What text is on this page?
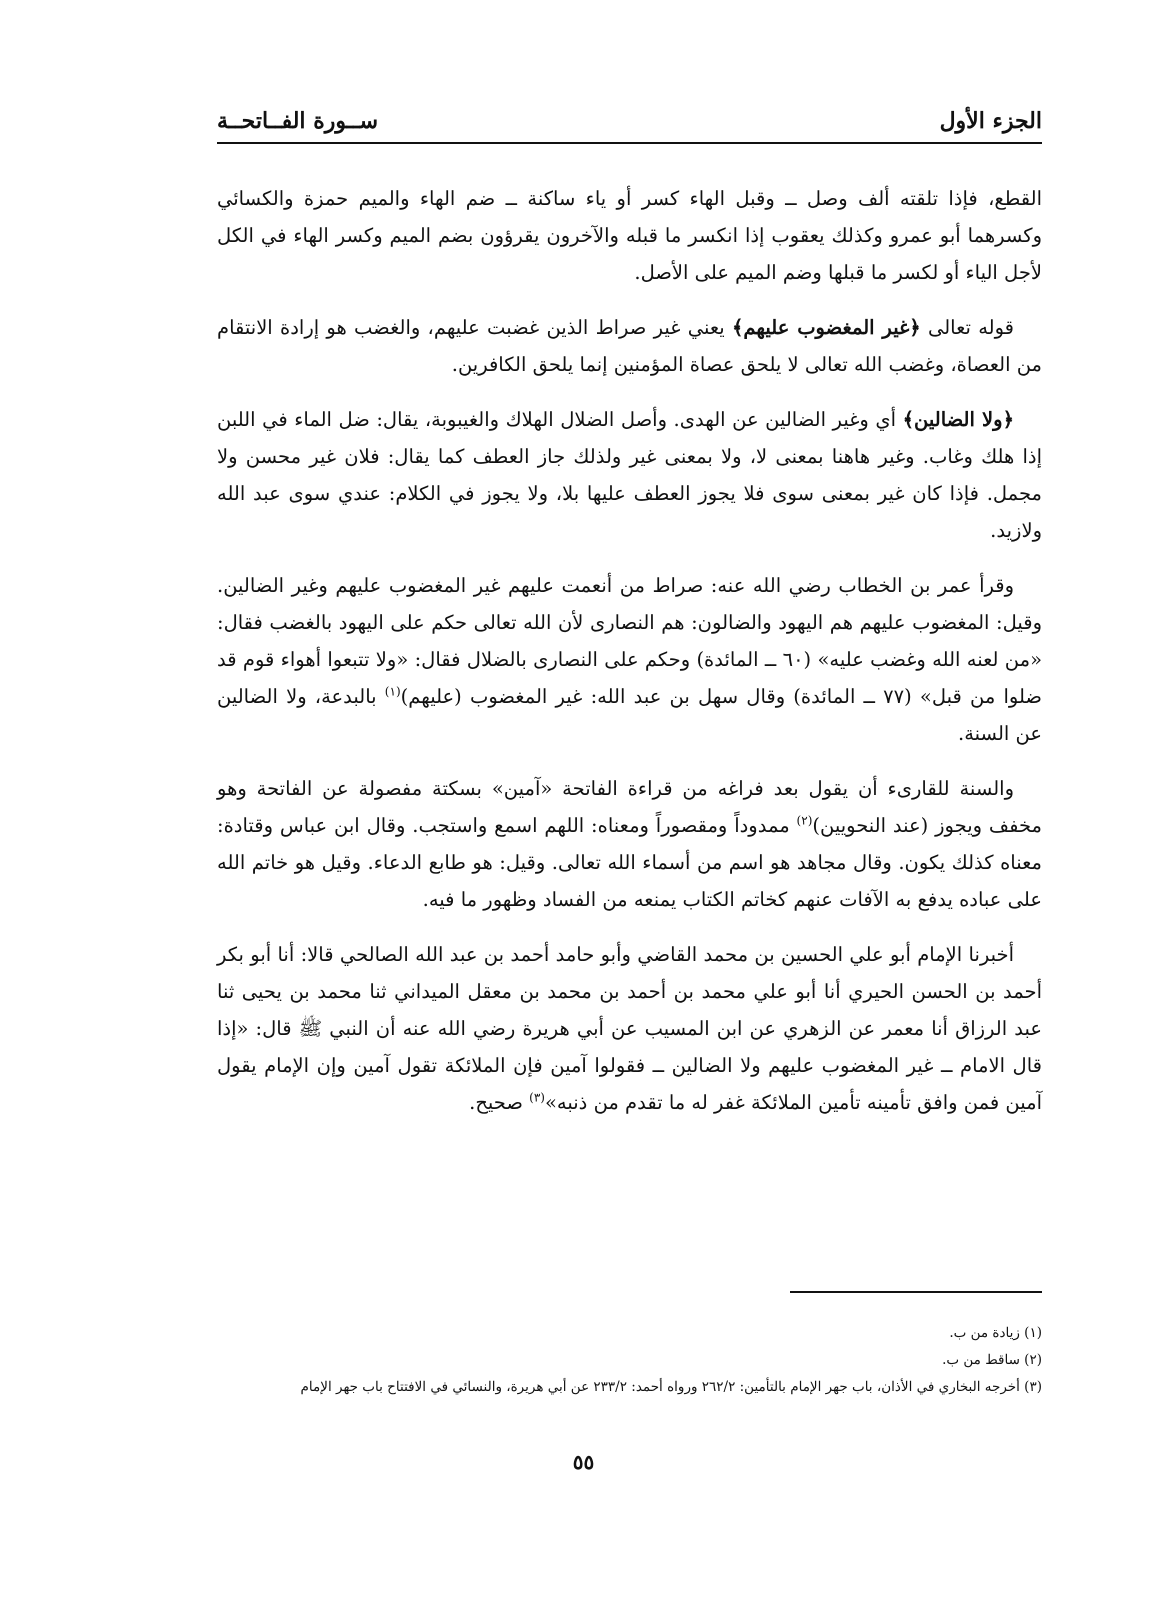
ســورة الفــاتحــة	الجزء الأول

القطع، فإذا تلقته ألف وصل ــ وقبل الهاء كسر أو ياء ساكنة ــ ضم الهاء والميم حمزة والكسائي وكسرهما أبو عمرو وكذلك يعقوب إذا انكسر ما قبله والآخرون يقرؤون بضم الميم وكسر الهاء في الكل لأجل الياء أو لكسر ما قبلها وضم الميم على الأصل.

قوله تعالى ﴿غير المغضوب عليهم﴾ يعني غير صراط الذين غضبت عليهم، والغضب هو إرادة الانتقام من العصاة، وغضب الله تعالى لا يلحق عصاة المؤمنين إنما يلحق الكافرين.

﴿ولا الضالين﴾ أي وغير الضالين عن الهدى. وأصل الضلال الهلاك والغيبوبة، يقال: ضل الماء في اللبن إذا هلك وغاب. وغير هاهنا بمعنى لا، ولا بمعنى غير ولذلك جاز العطف كما يقال: فلان غير محسن ولا مجمل. فإذا كان غير بمعنى سوى فلا يجوز العطف عليها بلا، ولا يجوز في الكلام: عندي سوى عبد الله ولازيد.

وقرأ عمر بن الخطاب رضي الله عنه: صراط من أنعمت عليهم غير المغضوب عليهم وغير الضالين. وقيل: المغضوب عليهم هم اليهود والضالون: هم النصارى لأن الله تعالى حكم على اليهود بالغضب فقال: «من لعنه الله وغضب عليه» (٦٠ ــ المائدة) وحكم على النصارى بالضلال فقال: «ولا تتبعوا أهواء قوم قد ضلوا من قبل» (٧٧ ــ المائدة) وقال سهل بن عبد الله: غير المغضوب (عليهم)$^{(١)}$ بالبدعة، ولا الضالين عن السنة.

والسنة للقارىء أن يقول بعد فراغه من قراءة الفاتحة «آمين» بسكتة مفصولة عن الفاتحة وهو مخفف ويجوز (عند النحويين)$^{(٢)}$ ممدوداً ومقصوراً ومعناه: اللهم اسمع واستجب. وقال ابن عباس وقتادة: معناه كذلك يكون. وقال مجاهد هو اسم من أسماء الله تعالى. وقيل: هو طابع الدعاء. وقيل هو خاتم الله على عباده يدفع به الآفات عنهم كخاتم الكتاب يمنعه من الفساد وظهور ما فيه.

أخبرنا الإمام أبو علي الحسين بن محمد القاضي وأبو حامد أحمد بن عبد الله الصالحي قالا: أنا أبو بكر أحمد بن الحسن الحيري أنا أبو علي محمد بن أحمد بن محمد بن معقل الميداني ثنا محمد بن يحيى ثنا عبد الرزاق أنا معمر عن الزهري عن ابن المسيب عن أبي هريرة رضي الله عنه أن النبي ﷺ قال: «إذا قال الامام ــ غير المغضوب عليهم ولا الضالين ــ فقولوا آمين فإن الملائكة تقول آمين وإن الإمام يقول آمين فمن وافق تأمينه تأمين الملائكة غفر له ما تقدم من ذنبه»$^{(٣)}$ صحيح.

(١) زيادة من ب.
(٢) ساقط من ب.
(٣) أخرجه البخاري في الأذان، باب جهر الإمام بالتأمين: ٢٦٢/٢ ورواه أحمد: ٢٣٣/٢ عن أبي هريرة، والنسائي في الافتتاح باب جهر الإمام
٥٥
